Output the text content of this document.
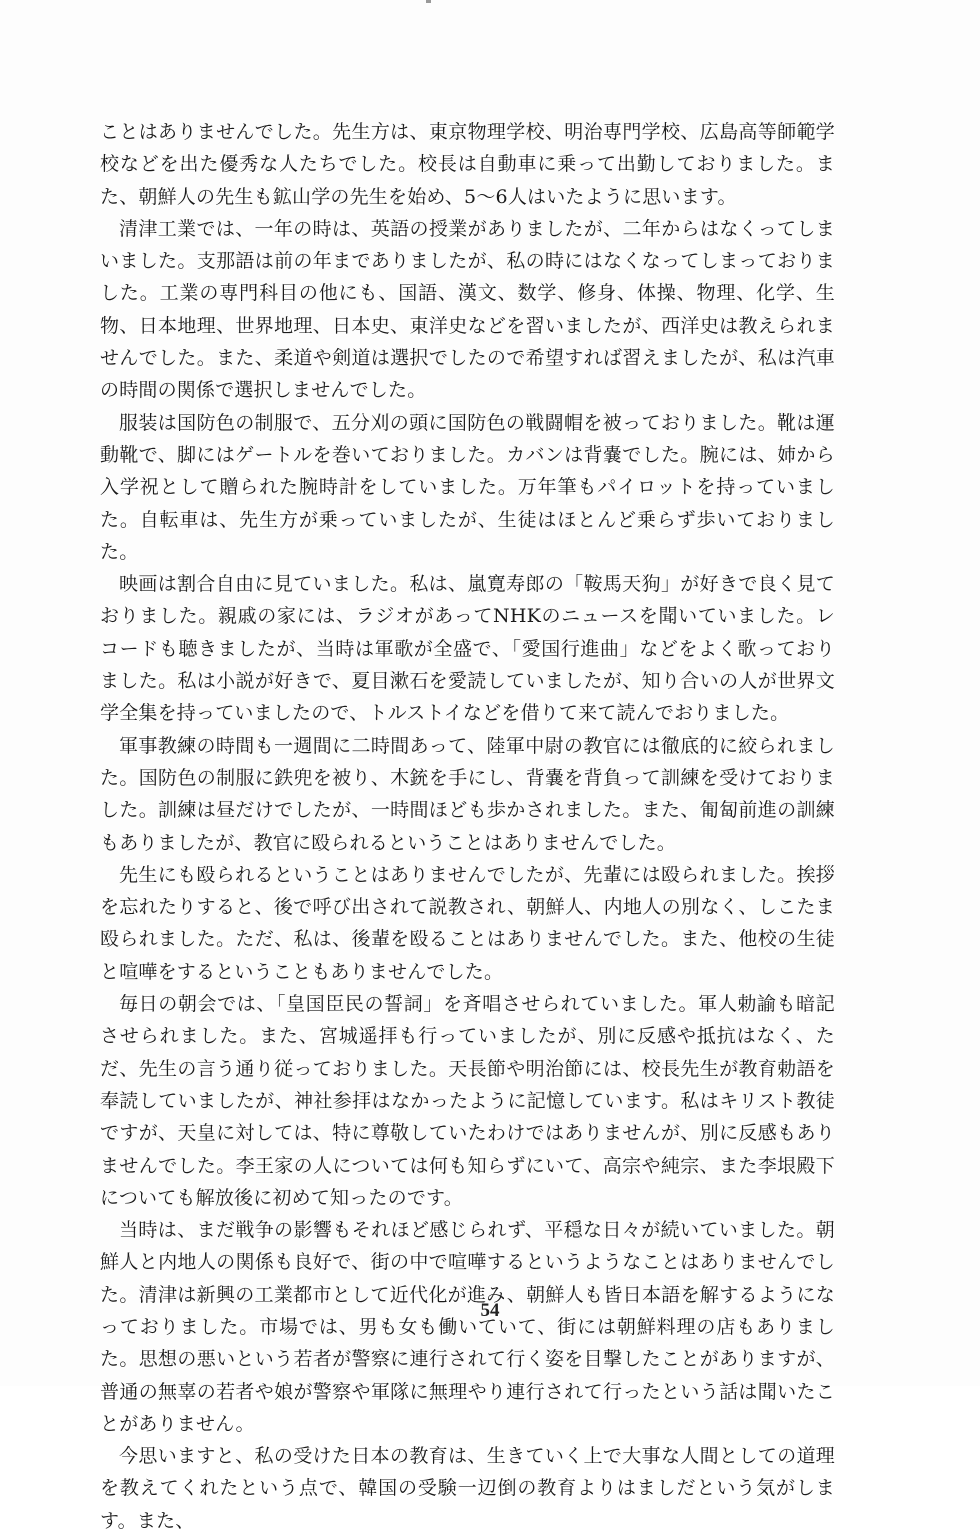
ことはありませんでした。先生方は、東京物理学校、明治専門学校、広島高等師範学校などを出た優秀な人たちでした。校長は自動車に乗って出勤しておりました。また、朝鮮人の先生も鉱山学の先生を始め、5〜6人はいたように思います。

清津工業では、一年の時は、英語の授業がありましたが、二年からはなくってしまいました。支那語は前の年までありましたが、私の時にはなくなってしまっておりました。工業の専門科目の他にも、国語、漢文、数学、修身、体操、物理、化学、生物、日本地理、世界地理、日本史、東洋史などを習いましたが、西洋史は教えられませんでした。また、柔道や剣道は選択でしたので希望すれば習えましたが、私は汽車の時間の関係で選択しませんでした。

服装は国防色の制服で、五分刈の頭に国防色の戦闘帽を被っておりました。靴は運動靴で、脚にはゲートルを巻いておりました。カバンは背嚢でした。腕には、姉から入学祝として贈られた腕時計をしていました。万年筆もパイロットを持っていました。自転車は、先生方が乗っていましたが、生徒はほとんど乗らず歩いておりました。

映画は割合自由に見ていました。私は、嵐寛寿郎の「鞍馬天狗」が好きで良く見ておりました。親戚の家には、ラジオがあってNHKのニュースを聞いていました。レコードも聴きましたが、当時は軍歌が全盛で、「愛国行進曲」などをよく歌っておりました。私は小説が好きで、夏目漱石を愛読していましたが、知り合いの人が世界文学全集を持っていましたので、トルストイなどを借りて来て読んでおりました。

軍事教練の時間も一週間に二時間あって、陸軍中尉の教官には徹底的に絞られました。国防色の制服に鉄兜を被り、木銃を手にし、背嚢を背負って訓練を受けておりました。訓練は昼だけでしたが、一時間ほども歩かされました。また、匍匐前進の訓練もありましたが、教官に殴られるということはありませんでした。

先生にも殴られるということはありませんでしたが、先輩には殴られました。挨拶を忘れたりすると、後で呼び出されて説教され、朝鮮人、内地人の別なく、しこたま殴られました。ただ、私は、後輩を殴ることはありませんでした。また、他校の生徒と喧嘩をするということもありませんでした。

毎日の朝会では、「皇国臣民の誓詞」を斉唱させられていました。軍人勅諭も暗記させられました。また、宮城遥拝も行っていましたが、別に反感や抵抗はなく、ただ、先生の言う通り従っておりました。天長節や明治節には、校長先生が教育勅語を奉読していましたが、神社参拝はなかったように記憶しています。私はキリスト教徒ですが、天皇に対しては、特に尊敬していたわけではありませんが、別に反感もありませんでした。李王家の人については何も知らずにいて、高宗や純宗、また李垠殿下についても解放後に初めて知ったのです。

当時は、まだ戦争の影響もそれほど感じられず、平穏な日々が続いていました。朝鮮人と内地人の関係も良好で、街の中で喧嘩するというようなことはありませんでした。清津は新興の工業都市として近代化が進み、朝鮮人も皆日本語を解するようになっておりました。市場では、男も女も働いていて、街には朝鮮料理の店もありました。思想の悪いという若者が警察に連行されて行く姿を目撃したことがありますが、普通の無辜の若者や娘が警察や軍隊に無理やり連行されて行ったという話は聞いたことがありません。

今思いますと、私の受けた日本の教育は、生きていく上で大事な人間としての道理を教えてくれたという点で、韓国の受験一辺倒の教育よりはましだという気がします。また、

54
